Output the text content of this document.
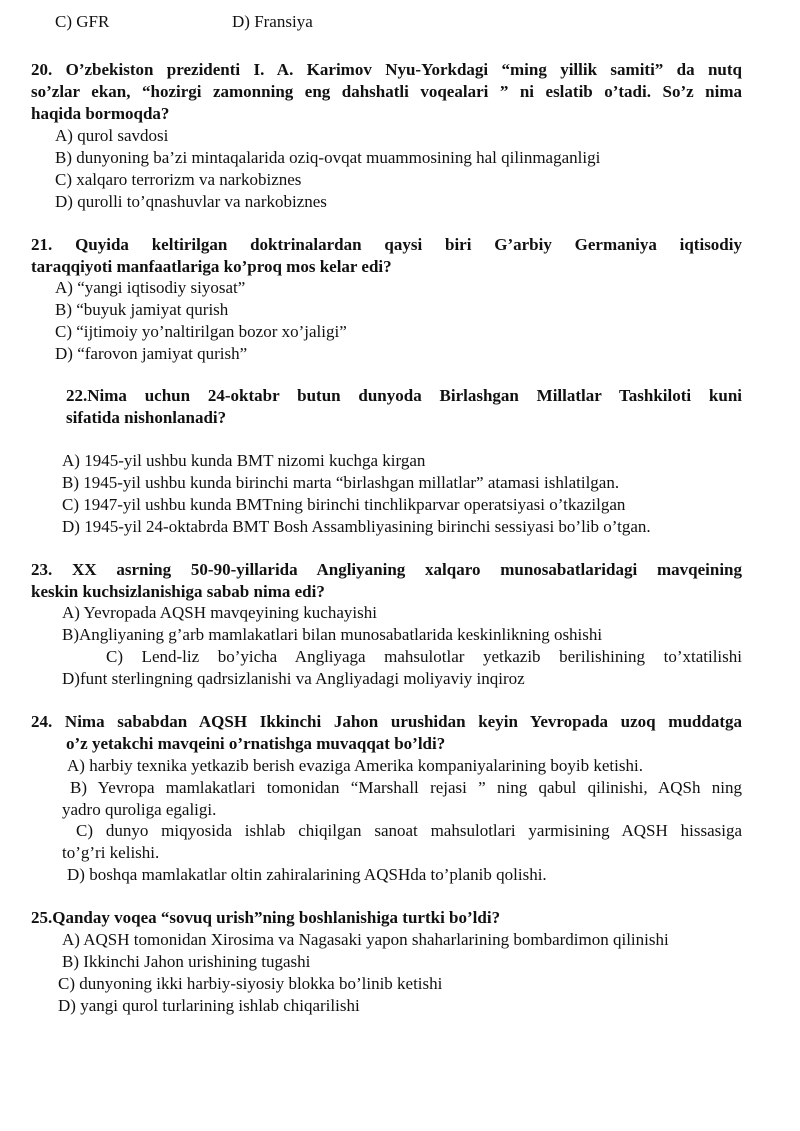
C) GFR	D) Fransiya
20. O’zbekiston prezidenti I. A. Karimov Nyu-Yorkdagi “ming yillik samiti” da nutq
so’zlar ekan, “hozirgi zamonning eng dahshatli voqealari ” ni eslatib o’tadi. So’z nima
haqida bormoqda?
A) qurol savdosi
B) dunyoning ba’zi mintaqalarida oziq-ovqat muammosining hal qilinmaganligi
C) xalqaro terrorizm va narkobiznes
D) qurolli to’qnashuvlar va narkobiznes
21. Quyida keltirilgan doktrinalardan qaysi biri G’arbiy Germaniya iqtisodiy
taraqqiyoti manfaatlariga ko’proq mos kelar edi?
A) “yangi iqtisodiy siyosat”
B) “buyuk jamiyat qurish
C) “ijtimoiy yo’naltirilgan bozor xo’jaligi”
D) “farovon jamiyat qurish”
22.Nima uchun 24-oktabr butun dunyoda Birlashgan Millatlar Tashkiloti kuni
sifatida nishonlanadi?
A) 1945-yil ushbu kunda BMT nizomi kuchga kirgan
B) 1945-yil ushbu kunda birinchi marta “birlashgan millatlar” atamasi ishlatilgan.
C) 1947-yil ushbu kunda BMTning birinchi tinchlikparvar operatsiyasi o’tkazilgan
D) 1945-yil 24-oktabrda BMT Bosh Assambliyasining birinchi sessiyasi bo’lib o’tgan.
23. XX asrning 50-90-yillarida Angliyaning xalqaro munosabatlaridagi mavqeining
keskin kuchsizlanishiga sabab nima edi?
A) Yevropada AQSH mavqeyining kuchayishi
B)Angliyaning g’arb mamlakatlari bilan munosabatlarida keskinlikning oshishi
C) Lend-liz bo’yicha Angliyaga mahsulotlar yetkazib berilishining to’xtatilishi
D)funt sterlingning qadrsizlanishi va Angliyadagi moliyaviy inqiroz
24. Nima sababdan AQSH Ikkinchi Jahon urushidan keyin Yevropada uzoq muddatga
o’z yetakchi mavqeini o’rnatishga muvaqqat bo’ldi?
A) harbiy texnika yetkazib berish evaziga Amerika kompaniyalarining boyib ketishi.
B) Yevropa mamlakatlari tomonidan “Marshall rejasi ” ning qabul qilinishi, AQSh ning
yadro quroliga egaligi.
C) dunyo miqyosida ishlab chiqilgan sanoat mahsulotlari yarmisining AQSH hissasiga
to’g’ri kelishi.
D) boshqa mamlakatlar oltin zahiralarining AQSHda to’planib qolishi.
25.Qanday voqea “sovuq urish”ning boshlanishiga turtki bo’ldi?
A) AQSH tomonidan Xirosima va Nagasaki yapon shaharlarining bombardimon qilinishi
B) Ikkinchi Jahon urishining tugashi
C) dunyoning ikki harbiy-siyosiy blokka bo’linib ketishi
D) yangi qurol turlarining ishlab chiqarilishi
